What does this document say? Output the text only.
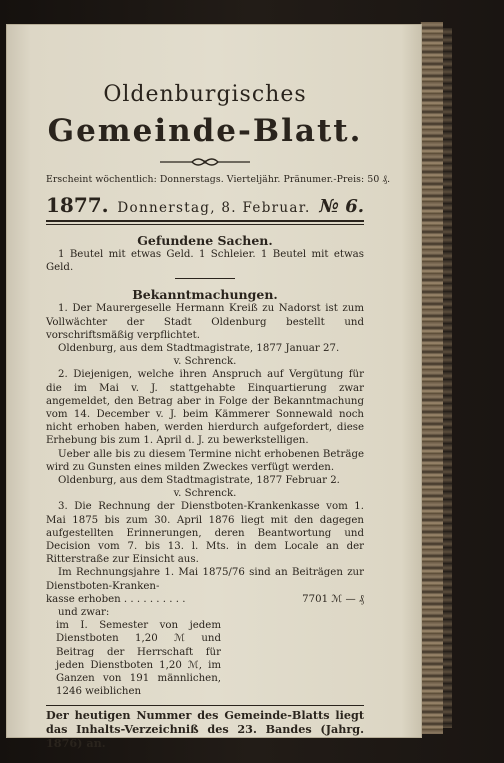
Oldenburgisches
Gemeinde-Blatt.
Erscheint wöchentlich: Donnerstags. Vierteljähr. Pränumer.-Preis: 50 ₰.
1877. Donnerstag, 8. Februar. № 6.
Gefundene Sachen.
1 Beutel mit etwas Geld. 1 Schleier. 1 Beutel mit etwas Geld.
Bekanntmachungen.
1. Der Maurergeselle Hermann Kreiß zu Nadorst ist zum Vollwächter der Stadt Oldenburg bestellt und vorschriftsmäßig verpflichtet.
Oldenburg, aus dem Stadtmagistrate, 1877 Januar 27.
v. Schrenck.
2. Diejenigen, welche ihren Anspruch auf Vergütung für die im Mai v. J. stattgehabte Einquartierung zwar angemeldet, den Betrag aber in Folge der Bekanntmachung vom 14. December v. J. beim Kämmerer Sonnewald noch nicht erhoben haben, werden hierdurch aufgefordert, diese Erhebung bis zum 1. April d. J. zu bewerkstelligen.
Ueber alle bis zu diesem Termine nicht erhobenen Beträge wird zu Gunsten eines milden Zweckes verfügt werden.
Oldenburg, aus dem Stadtmagistrate, 1877 Februar 2.
v. Schrenck.
3. Die Rechnung der Dienstboten-Krankenkasse vom 1. Mai 1875 bis zum 30. April 1876 liegt mit den dagegen aufgestellten Erinnerungen, deren Beantwortung und Decision vom 7. bis 13. l. Mts. in dem Locale an der Ritterstraße zur Einsicht aus.
Im Rechnungsjahre 1. Mai 1875/76 sind an Beiträgen zur Dienstboten-Kranken-
kasse erhoben . . . . . . . . . .	7701 ℳ — ₰
und zwar:
im I. Semester von jedem Dienstboten 1,20 ℳ und Beitrag der Herrschaft für jeden Dienstboten 1,20 ℳ, im Ganzen von 191 männlichen, 1246 weiblichen
Der heutigen Nummer des Gemeinde-Blatts liegt das Inhalts-Verzeichniß des 23. Bandes (Jahrg. 1876) an.
